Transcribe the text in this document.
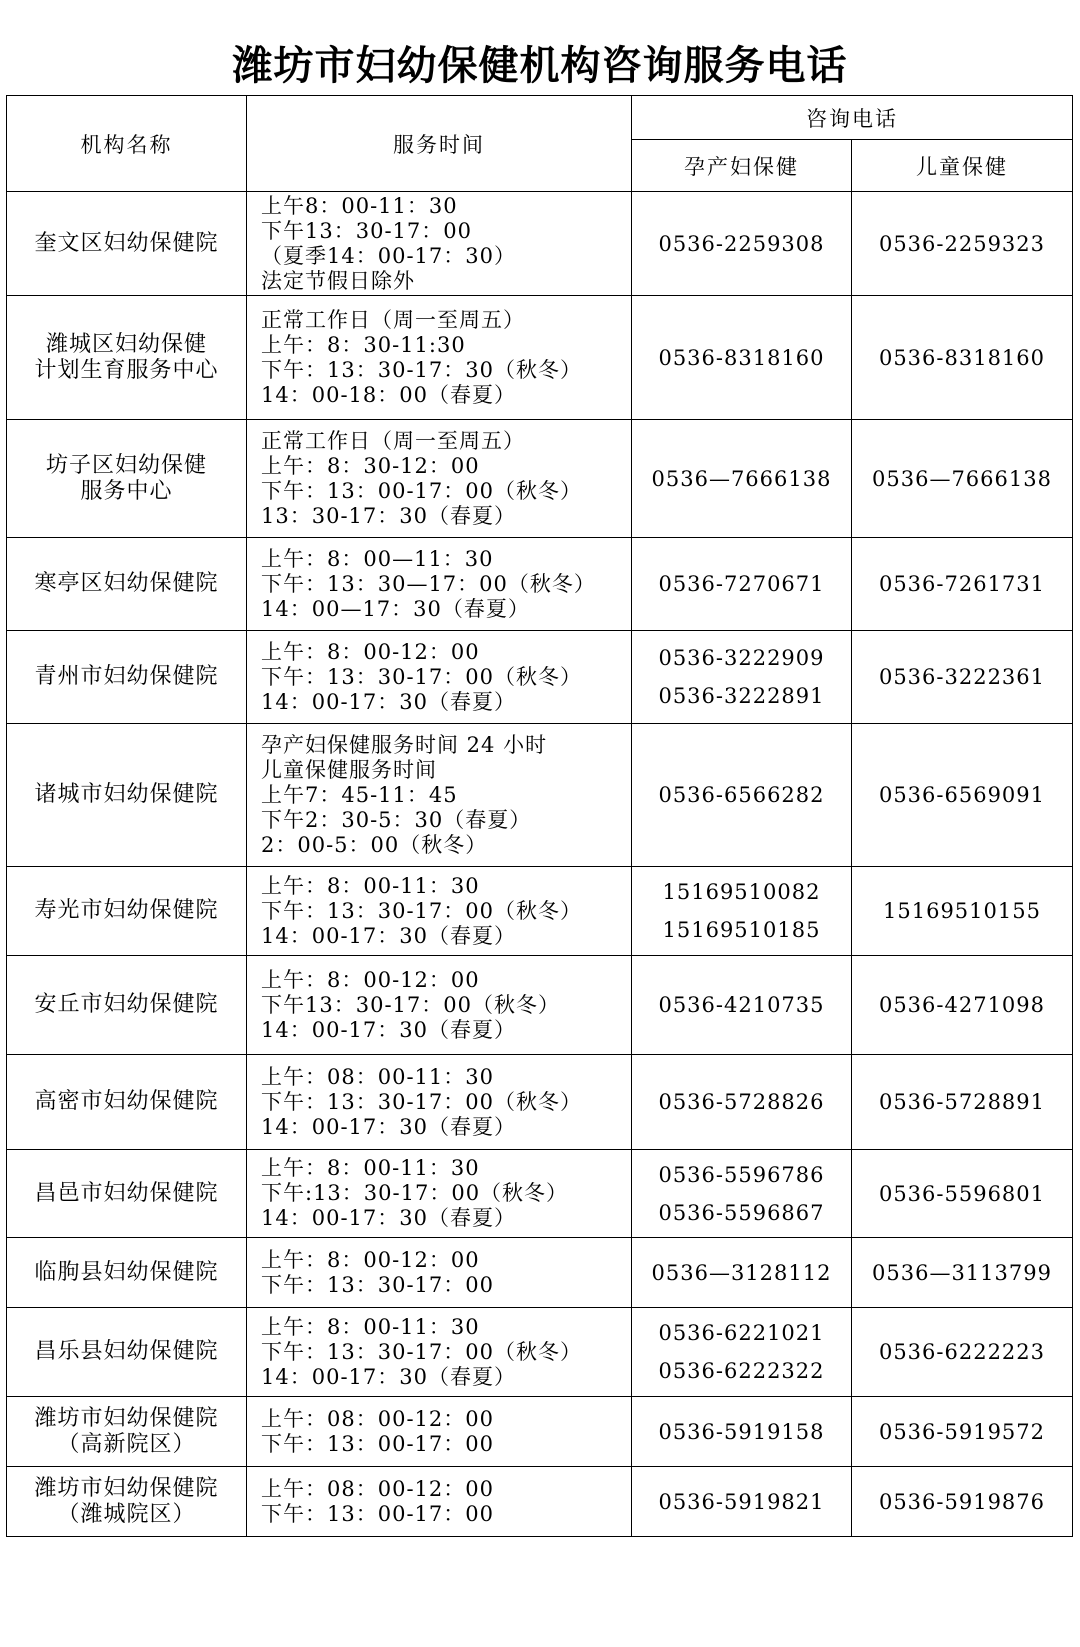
潍坊市妇幼保健机构咨询服务电话
机构名称	服务时间	咨询电话	
		孕产妇保健	儿童保健

奎文区妇幼保健院	上午8：00-11：30
下午13：30-17：00
（夏季14：00-17：30）
法定节假日除外	0536-2259308	0536-2259323

潍城区妇幼保健
计划生育服务中心	正常工作日（周一至周五）
上午：8：30-11:30
下午：13：30-17：30（秋冬）
14：00-18：00（春夏）	0536-8318160	0536-8318160

坊子区妇幼保健
服务中心	正常工作日（周一至周五）
上午：8：30-12：00
下午：13：00-17：00（秋冬）
13：30-17：30（春夏）	0536—7666138	0536—7666138

寒亭区妇幼保健院	上午：8：00—11：30
下午：13：30—17：00（秋冬）
14：00—17：30（春夏）	0536-7270671	0536-7261731

青州市妇幼保健院	上午：8：00-12：00
下午：13：30-17：00（秋冬）
14：00-17：30（春夏）	0536-3222909
0536-3222891	0536-3222361

诸城市妇幼保健院	孕产妇保健服务时间 24 小时
儿童保健服务时间
上午7：45-11：45
下午2：30-5：30（春夏）
2：00-5：00（秋冬）	0536-6566282	0536-6569091

寿光市妇幼保健院	上午：8：00-11：30
下午：13：30-17：00（秋冬）
14：00-17：30（春夏）	15169510082
15169510185	15169510155

安丘市妇幼保健院	上午：8：00-12：00
下午13：30-17：00（秋冬）
14：00-17：30（春夏）	0536-4210735	0536-4271098

高密市妇幼保健院	上午：08：00-11：30
下午：13：30-17：00（秋冬）
14：00-17：30（春夏）	0536-5728826	0536-5728891

昌邑市妇幼保健院	上午：8：00-11：30
下午:13：30-17：00（秋冬）
14：00-17：30（春夏）	0536-5596786
0536-5596867	0536-5596801

临朐县妇幼保健院	上午：8：00-12：00
下午：13：30-17：00	0536—3128112	0536—3113799

昌乐县妇幼保健院	上午：8：00-11：30
下午：13：30-17：00（秋冬）
14：00-17：30（春夏）	0536-6221021
0536-6222322	0536-6222223

潍坊市妇幼保健院
（高新院区）	上午：08：00-12：00
下午：13：00-17：00	0536-5919158	0536-5919572

潍坊市妇幼保健院
（潍城院区）	上午：08：00-12：00
下午：13：00-17：00	0536-5919821	0536-5919876
